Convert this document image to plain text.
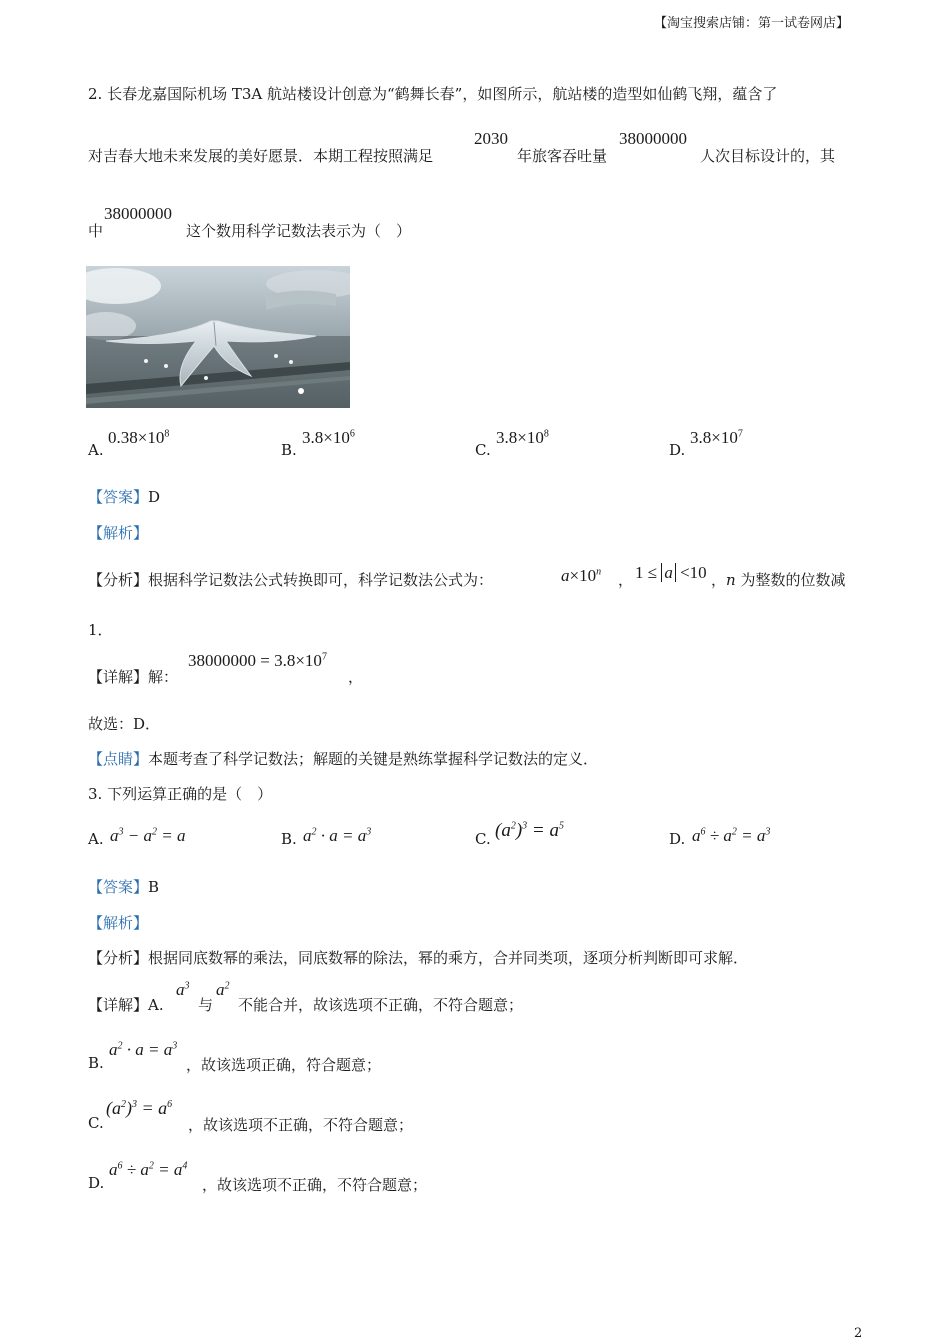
【淘宝搜索店铺：第一试卷网店】
2. 长春龙嘉国际机场 T3A 航站楼设计创意为“鹤舞长春”，如图所示，航站楼的造型如仙鹤飞翔，蕴含了
对吉春大地未来发展的美好愿景．本期工程按照满足
2030
年旅客吞吐量
38000000
人次目标设计的，其
中
38000000
这个数用科学记数法表示为（　）
A.
$0.38\times 10^8$
B.
$3.8\times 10^6$
C.
$3.8\times 10^8$
D.
$3.8\times 10^7$
【答案】D
【解析】
【分析】根据科学记数法公式转换即可，科学记数法公式为：	$a\times 10^n$ ， 1 ≤ a <10 ，n 为整数的位数减
1．
【详解】解：
$38000000 = 3.8\times 10^7$
，
故选：D．
【点睛】本题考查了科学记数法；解题的关键是熟练掌握科学记数法的定义．
3. 下列运算正确的是（　）
A. $a^3 - a^2 = a$	B. $a^2 \cdot a = a^3$	C. $(a^2)^3 = a^5$
D. $a^6 \div a^2 = a^3$
【答案】B
【解析】
【分析】根据同底数幂的乘法，同底数幂的除法，幂的乘方，合并同类项，逐项分析判断即可求解．
【详解】A.
$a^3$
与
$a^2$
不能合并，故该选项不正确，不符合题意；
B.
$a^2 \cdot a = a^3$
，故该选项正确，符合题意；
C.
$(a^2)^3 = a^6$
，故该选项不正确，不符合题意；
D.
$a^6 \div a^2 = a^4$
，故该选项不正确，不符合题意；
2
